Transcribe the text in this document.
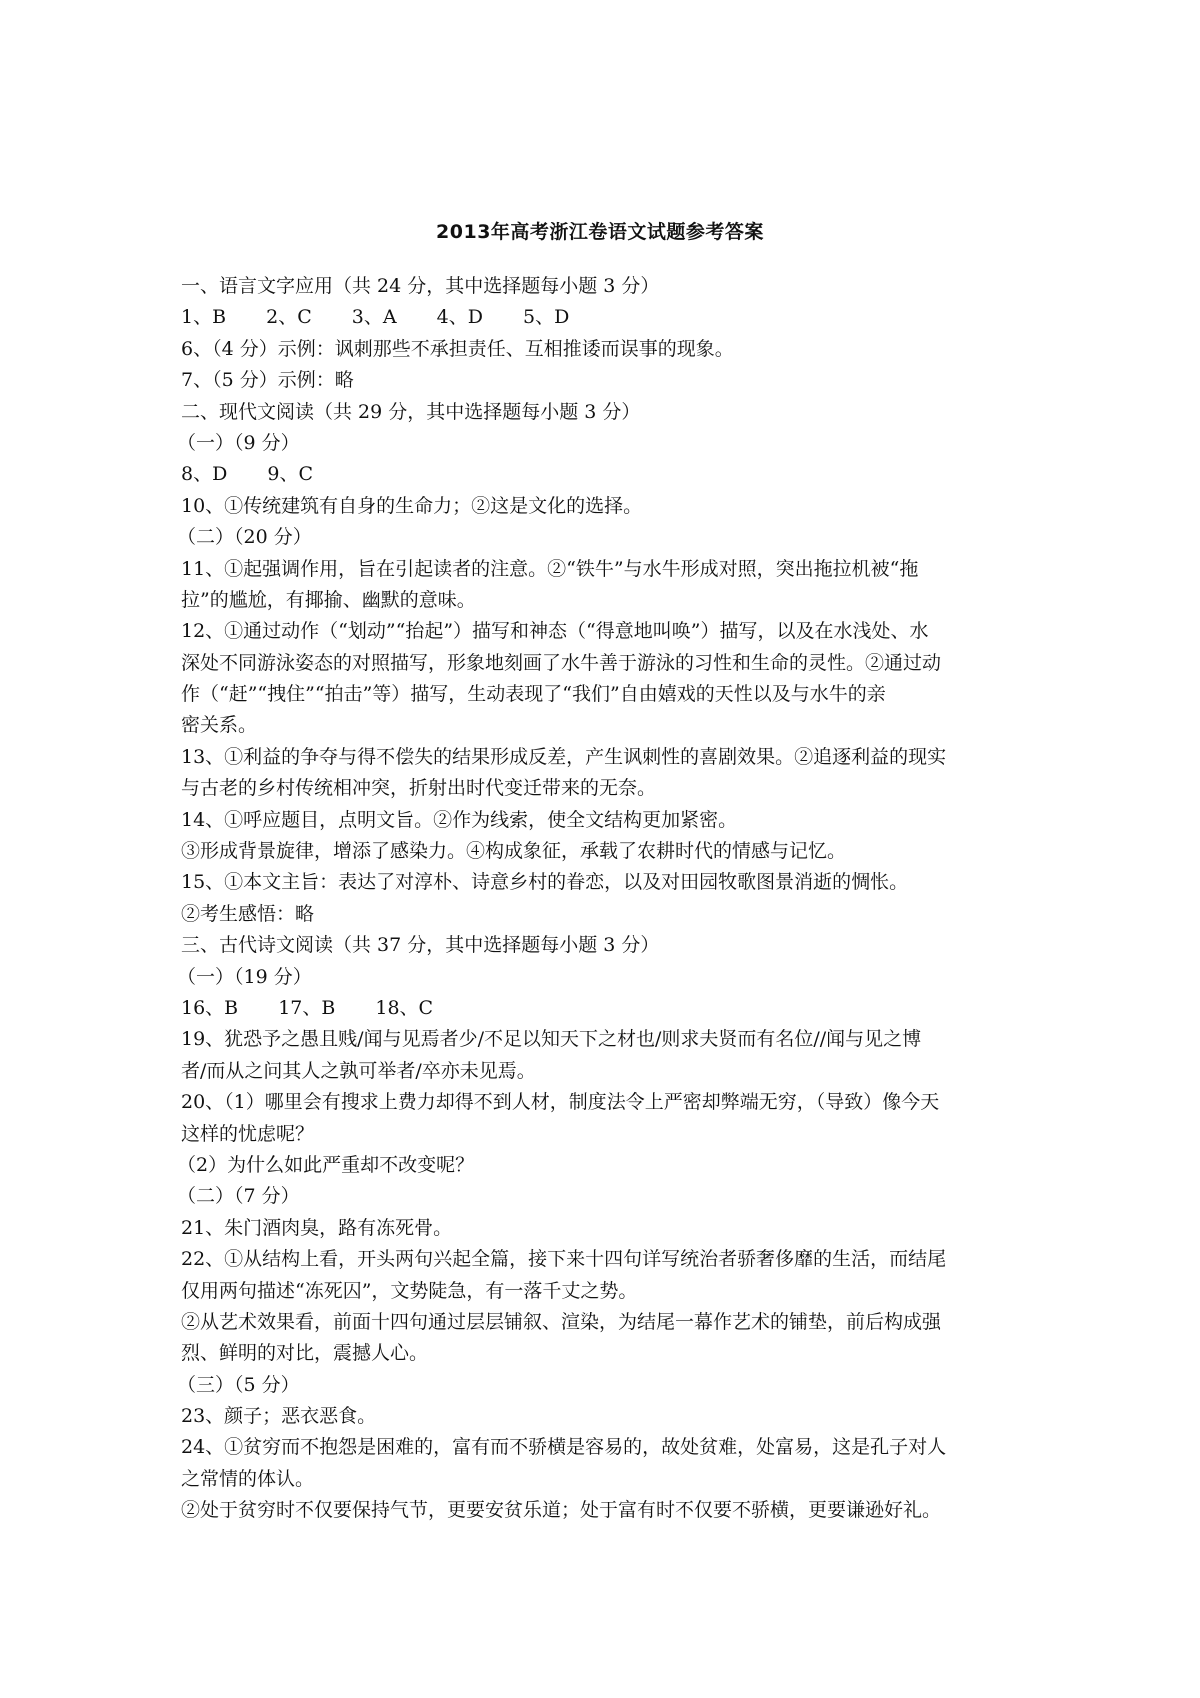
2013年高考浙江卷语文试题参考答案
一、语言文字应用（共 24 分，其中选择题每小题 3 分）
1、B 2、C 3、A 4、D 5、D
6、（4 分）示例：讽刺那些不承担责任、互相推诿而误事的现象。
7、（5 分）示例：略
二、现代文阅读（共 29 分，其中选择题每小题 3 分）
（一）（9 分）
8、D 9、C
10、①传统建筑有自身的生命力；②这是文化的选择。
（二）（20 分）
11、①起强调作用，旨在引起读者的注意。②“铁牛”与水牛形成对照，突出拖拉机被“拖
拉”的尴尬，有揶揄、幽默的意味。
12、①通过动作（“划动”“抬起”）描写和神态（“得意地叫唤”）描写，以及在水浅处、水
深处不同游泳姿态的对照描写，形象地刻画了水牛善于游泳的习性和生命的灵性。②通过动
作（“赶”“拽住”“拍击”等）描写，生动表现了“我们”自由嬉戏的天性以及与水牛的亲
密关系。
13、①利益的争夺与得不偿失的结果形成反差，产生讽刺性的喜剧效果。②追逐利益的现实
与古老的乡村传统相冲突，折射出时代变迁带来的无奈。
14、①呼应题目，点明文旨。②作为线索，使全文结构更加紧密。
③形成背景旋律，增添了感染力。④构成象征，承载了农耕时代的情感与记忆。
15、①本文主旨：表达了对淳朴、诗意乡村的眷恋，以及对田园牧歌图景消逝的惆怅。
②考生感悟：略
三、古代诗文阅读（共 37 分，其中选择题每小题 3 分）
（一）（19 分）
16、B 17、B 18、C
19、犹恐予之愚且贱/闻与见焉者少/不足以知天下之材也/则求夫贤而有名位//闻与见之博
者/而从之问其人之孰可举者/卒亦未见焉。
20、（1）哪里会有搜求上费力却得不到人材，制度法令上严密却弊端无穷，（导致）像今天
这样的忧虑呢？
（2）为什么如此严重却不改变呢？
（二）（7 分）
21、朱门酒肉臭，路有冻死骨。
22、①从结构上看，开头两句兴起全篇，接下来十四句详写统治者骄奢侈靡的生活，而结尾
仅用两句描述“冻死囚”，文势陡急，有一落千丈之势。
②从艺术效果看，前面十四句通过层层铺叙、渲染，为结尾一幕作艺术的铺垫，前后构成强
烈、鲜明的对比，震撼人心。
（三）（5 分）
23、颜子；恶衣恶食。
24、①贫穷而不抱怨是困难的，富有而不骄横是容易的，故处贫难，处富易，这是孔子对人
之常情的体认。
②处于贫穷时不仅要保持气节，更要安贫乐道；处于富有时不仅要不骄横，更要谦逊好礼。
